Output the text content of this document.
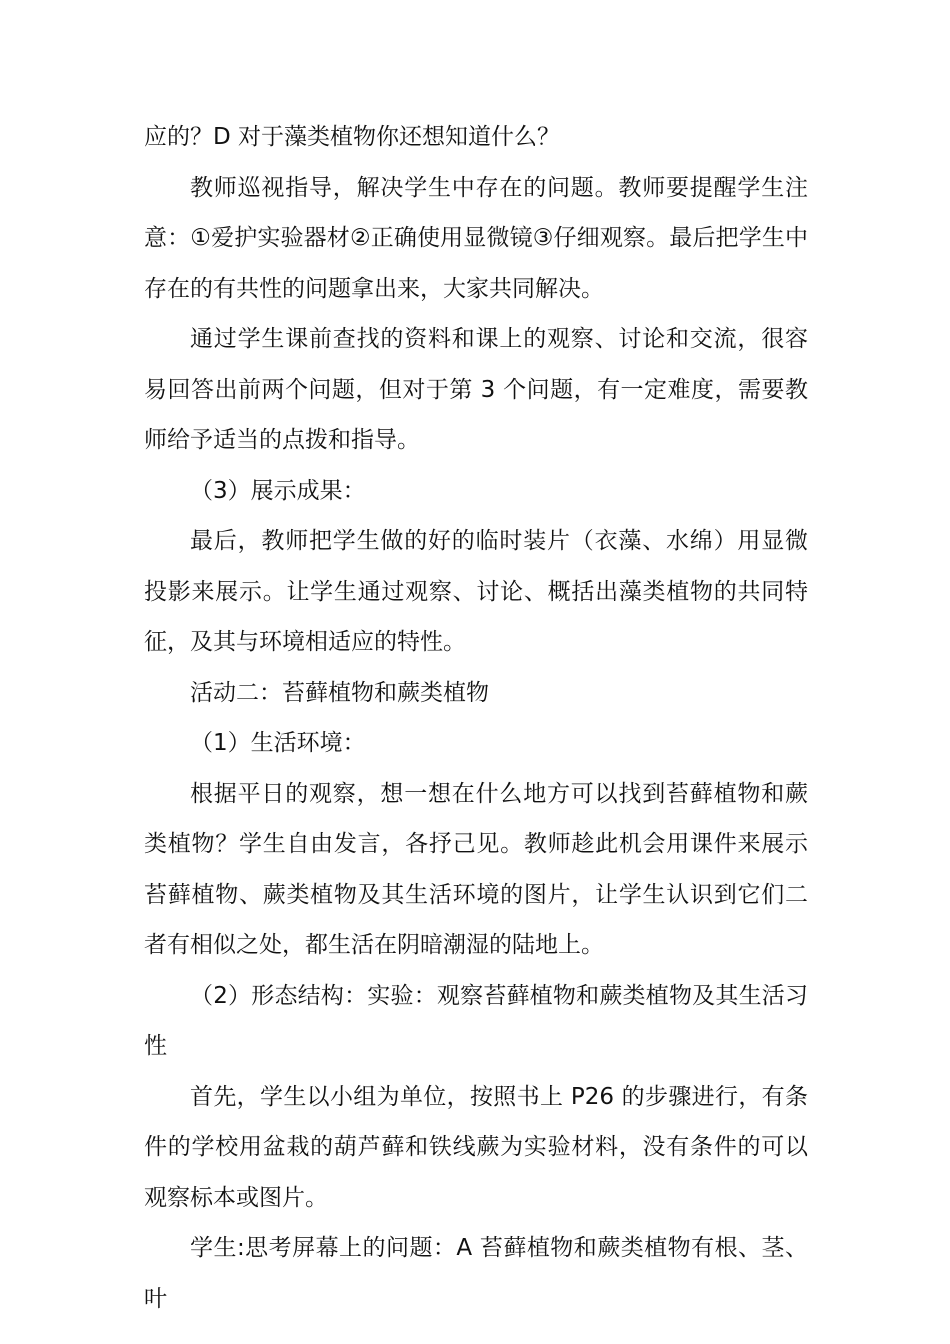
应的？D 对于藻类植物你还想知道什么？

教师巡视指导，解决学生中存在的问题。教师要提醒学生注意：①爱护实验器材②正确使用显微镜③仔细观察。最后把学生中存在的有共性的问题拿出来，大家共同解决。

通过学生课前查找的资料和课上的观察、讨论和交流，很容易回答出前两个问题，但对于第 3 个问题，有一定难度，需要教师给予适当的点拨和指导。

（3）展示成果：

最后，教师把学生做的好的临时装片（衣藻、水绵）用显微投影来展示。让学生通过观察、讨论、概括出藻类植物的共同特征，及其与环境相适应的特性。

活动二：苔藓植物和蕨类植物

（1）生活环境：

根据平日的观察，想一想在什么地方可以找到苔藓植物和蕨类植物？学生自由发言，各抒己见。教师趁此机会用课件来展示苔藓植物、蕨类植物及其生活环境的图片，让学生认识到它们二者有相似之处，都生活在阴暗潮湿的陆地上。

（2）形态结构：实验：观察苔藓植物和蕨类植物及其生活习性

首先，学生以小组为单位，按照书上 P26 的步骤进行，有条件的学校用盆栽的葫芦藓和铁线蕨为实验材料，没有条件的可以观察标本或图片。

学生:思考屏幕上的问题：A 苔藓植物和蕨类植物有根、茎、叶
